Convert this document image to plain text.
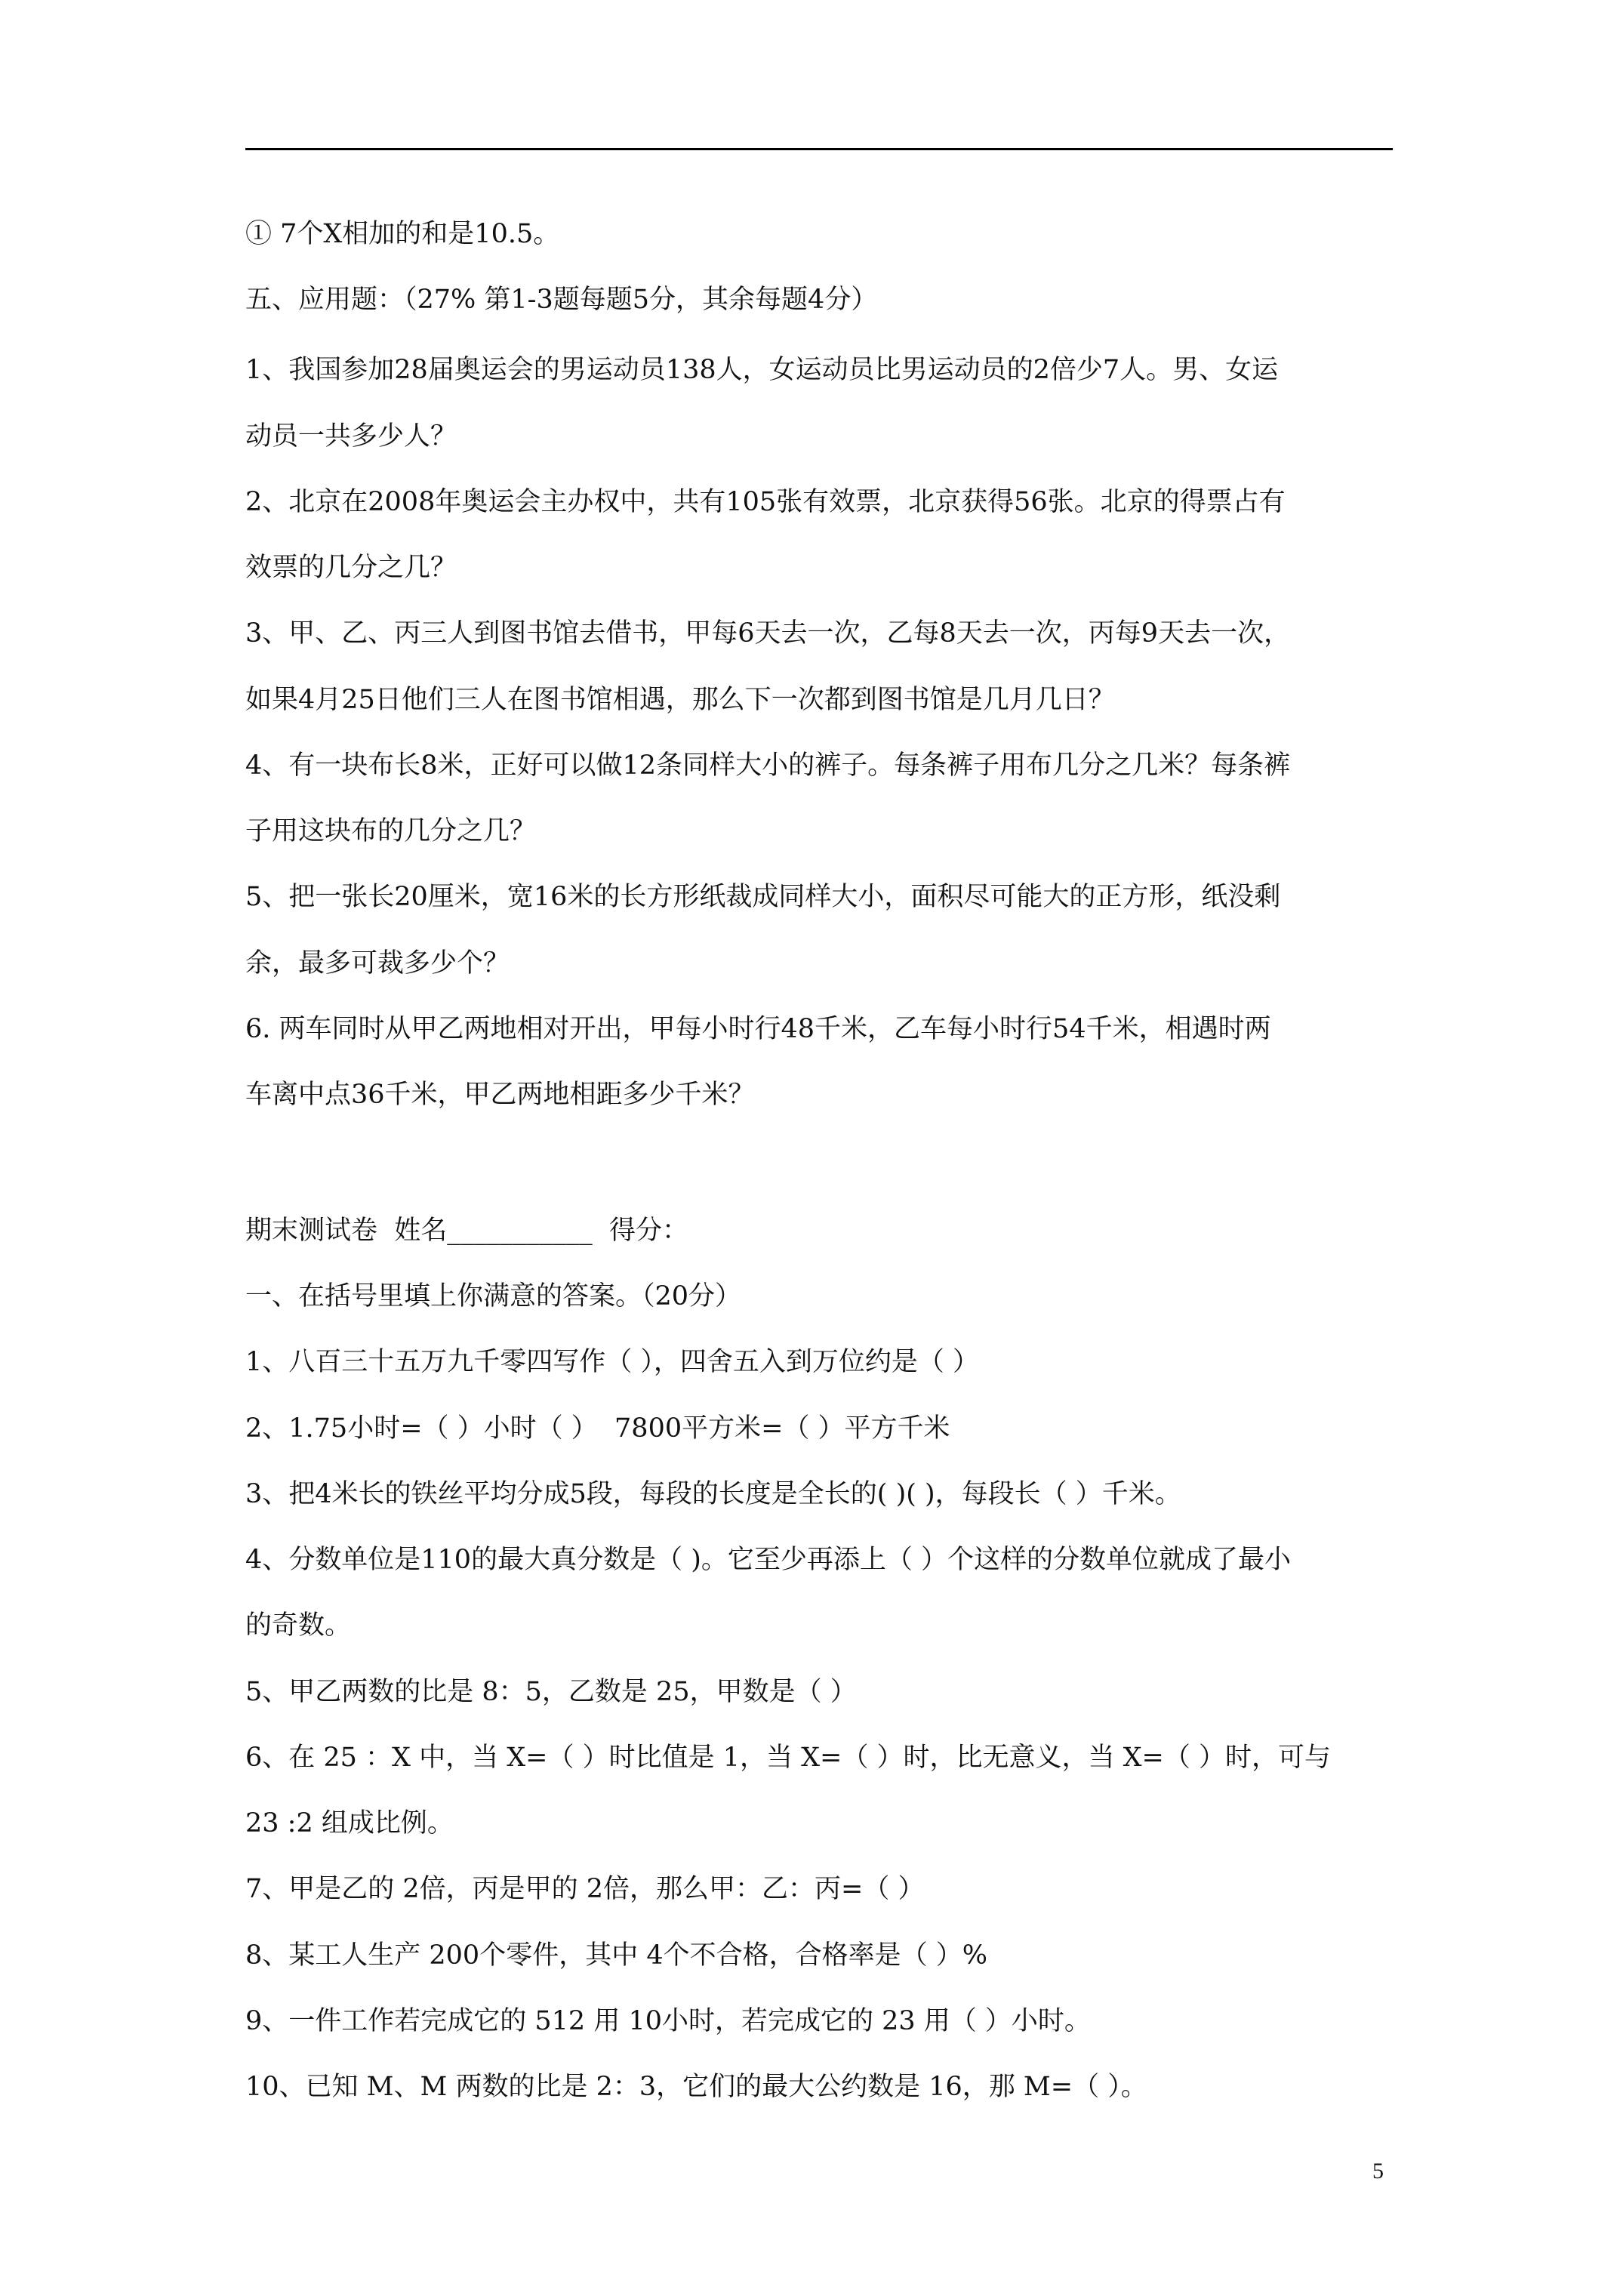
① 7个X相加的和是10.5。
五、应用题：（27% 第1-3题每题5分，其余每题4分）
1、我国参加28届奥运会的男运动员138人，女运动员比男运动员的2倍少7人。男、女运
动员一共多少人？
2、北京在2008年奥运会主办权中，共有105张有效票，北京获得56张。北京的得票占有
效票的几分之几？
3、甲、乙、丙三人到图书馆去借书，甲每6天去一次，乙每8天去一次，丙每9天去一次，
如果4月25日他们三人在图书馆相遇，那么下一次都到图书馆是几月几日？
4、有一块布长8米，正好可以做12条同样大小的裤子。每条裤子用布几分之几米？每条裤
子用这块布的几分之几？
5、把一张长20厘米，宽16米的长方形纸裁成同样大小，面积尽可能大的正方形，纸没剩
余，最多可裁多少个？
6. 两车同时从甲乙两地相对开出，甲每小时行48千米，乙车每小时行54千米，相遇时两
车离中点36千米，甲乙两地相距多少千米？
期末测试卷  姓名___________  得分：
一、在括号里填上你满意的答案。（20分）
1、八百三十五万九千零四写作（ ），四舍五入到万位约是（ ）
2、1.75小时=（ ）小时（ ）  7800平方米=（ ）平方千米
3、把4米长的铁丝平均分成5段，每段的长度是全长的( )( )，每段长（ ）千米。
4、分数单位是110的最大真分数是（ )。它至少再添上（ ）个这样的分数单位就成了最小
的奇数。
5、甲乙两数的比是 8：5，乙数是 25，甲数是（ ）
6、在 25 ：X 中，当 X=（ ）时比值是 1，当 X=（ ）时，比无意义，当 X=（ ）时，可与
23 :2 组成比例。
7、甲是乙的 2倍，丙是甲的 2倍，那么甲：乙：丙=（ ）
8、某工人生产 200个零件，其中 4个不合格，合格率是（ ）%
9、一件工作若完成它的 512 用 10小时，若完成它的 23 用（ ）小时。
10、已知 M、M 两数的比是 2：3，它们的最大公约数是 16，那 M=（ ）。
5
